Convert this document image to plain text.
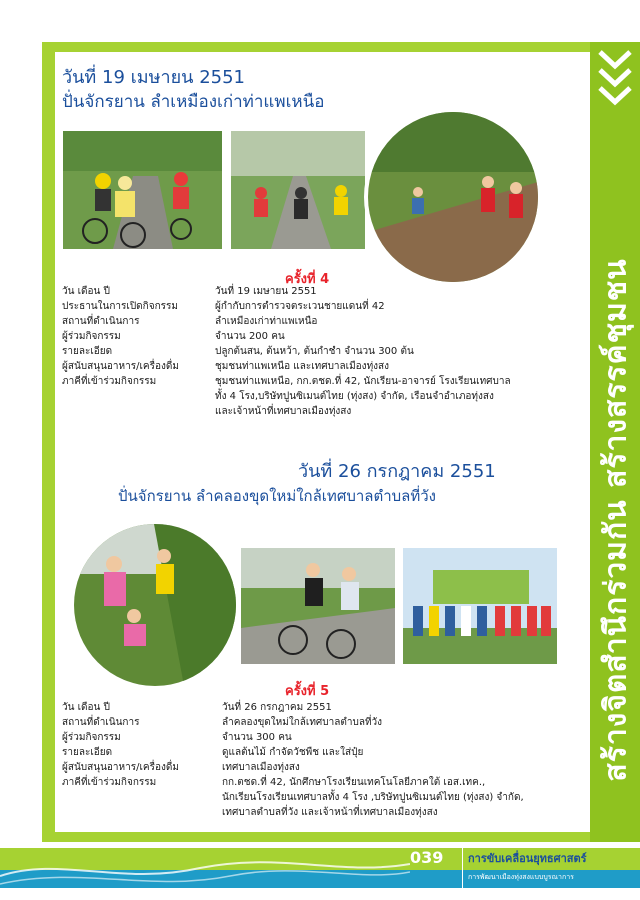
สร้างจิตสำนึกร่วมกัน สร้างสรรค์ชุมชน
วันที่ 19 เมษายน 2551
ปั่นจักรยาน ลำเหมืองเก่าท่าแพเหนือ
ครั้งที่ 4
วัน เดือน ปี
ประธานในการเปิดกิจกรรม
สถานที่ดำเนินการ
ผู้ร่วมกิจกรรม
รายละเอียด
ผู้สนับสนุนอาหาร/เครื่องดื่ม
ภาคีที่เข้าร่วมกิจกรรม
วันที่ 19 เมษายน 2551
ผู้กำกับการตำรวจตระเวนชายแดนที่ 42
ลำเหมืองเก่าท่าแพเหนือ
จำนวน 200 คน
ปลูกต้นสน, ต้นหว้า, ต้นกำชำ จำนวน 300 ต้น
ชุมชนท่าแพเหนือ และเทศบาลเมืองทุ่งสง
ชุมชนท่าแพเหนือ, กก.ตชด.ที่ 42, นักเรียน-อาจารย์ โรงเรียนเทศบาล
ทั้ง 4 โรง,บริษัทปูนซิเมนต์ไทย (ทุ่งสง) จำกัด, เรือนจำอำเภอทุ่งสง
และเจ้าหน้าที่เทศบาลเมืองทุ่งสง
วันที่ 26 กรกฎาคม 2551
ปั่นจักรยาน ลำคลองขุดใหม่ใกล้เทศบาลตำบลที่วัง
ครั้งที่ 5
วัน เดือน ปี
สถานที่ดำเนินการ
ผู้ร่วมกิจกรรม
รายละเอียด
ผู้สนับสนุนอาหาร/เครื่องดื่ม
ภาคีที่เข้าร่วมกิจกรรม
วันที่ 26 กรกฎาคม 2551
ลำคลองขุดใหม่ใกล้เทศบาลตำบลที่วัง
จำนวน 300 คน
ดูแลต้นไม้ กำจัดวัชพืช และใส่ปุ๋ย
เทศบาลเมืองทุ่งสง
กก.ตชด.ที่ 42, นักศึกษาโรงเรียนเทคโนโลยีภาคใต้ เอส.เทค.,
นักเรียนโรงเรียนเทศบาลทั้ง 4 โรง ,บริษัทปูนซิเมนต์ไทย (ทุ่งสง) จำกัด,
เทศบาลตำบลที่วัง และเจ้าหน้าที่เทศบาลเมืองทุ่งสง
039 การขับเคลื่อนยุทธศาสตร์
การพัฒนาเมืองทุ่งสงแบบบูรณาการ
